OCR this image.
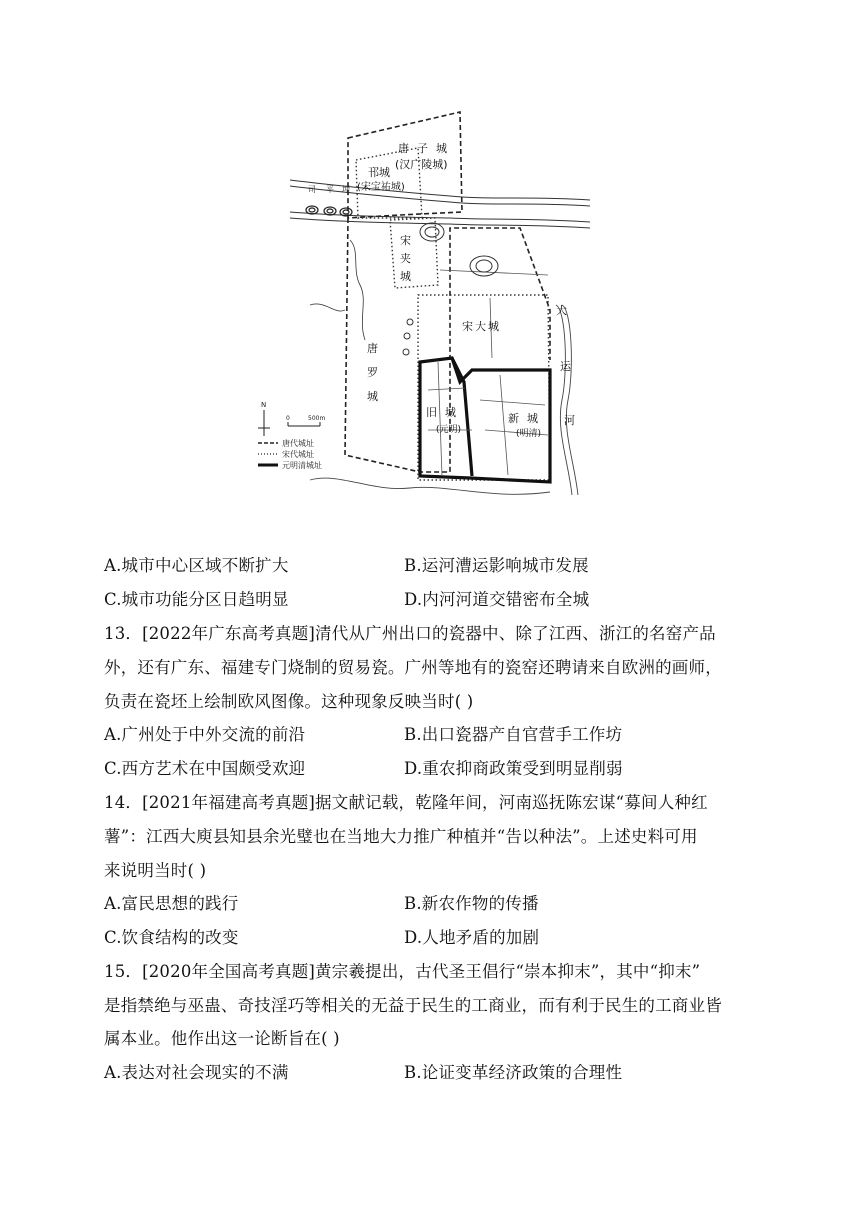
司 平 埋
唐子城
(汉广陵城)
邗城
(宋宝祐城)
宋
夹
城
宋大城
唐
罗
城
旧城
(元明)
新城
(明清)
大
运
河
N
0	500m
唐代城址
宋代城址
元明清城址
A.城市中心区域不断扩大	B.运河漕运影响城市发展
C.城市功能分区日趋明显	D.内河河道交错密布全城
13．[2022年广东高考真题]清代从广州出口的瓷器中、除了江西、浙江的名窑产品
外，还有广东、福建专门烧制的贸易瓷。广州等地有的瓷窑还聘请来自欧洲的画师，
负责在瓷坯上绘制欧风图像。这种现象反映当时( )
A.广州处于中外交流的前沿	B.出口瓷器产自官营手工作坊
C.西方艺术在中国颇受欢迎	D.重农抑商政策受到明显削弱
14．[2021年福建高考真题]据文献记载，乾隆年间，河南巡抚陈宏谋“募间人种红
薯”：江西大庾县知县余光璧也在当地大力推广种植并“告以种法”。上述史料可用
来说明当时( )
A.富民思想的践行	B.新农作物的传播
C.饮食结构的改变	D.人地矛盾的加剧
15．[2020年全国高考真题]黄宗羲提出，古代圣王倡行“崇本抑末”，其中“抑末”
是指禁绝与巫蛊、奇技淫巧等相关的无益于民生的工商业，而有利于民生的工商业皆
属本业。他作出这一论断旨在( )
A.表达对社会现实的不满	B.论证变革经济政策的合理性
